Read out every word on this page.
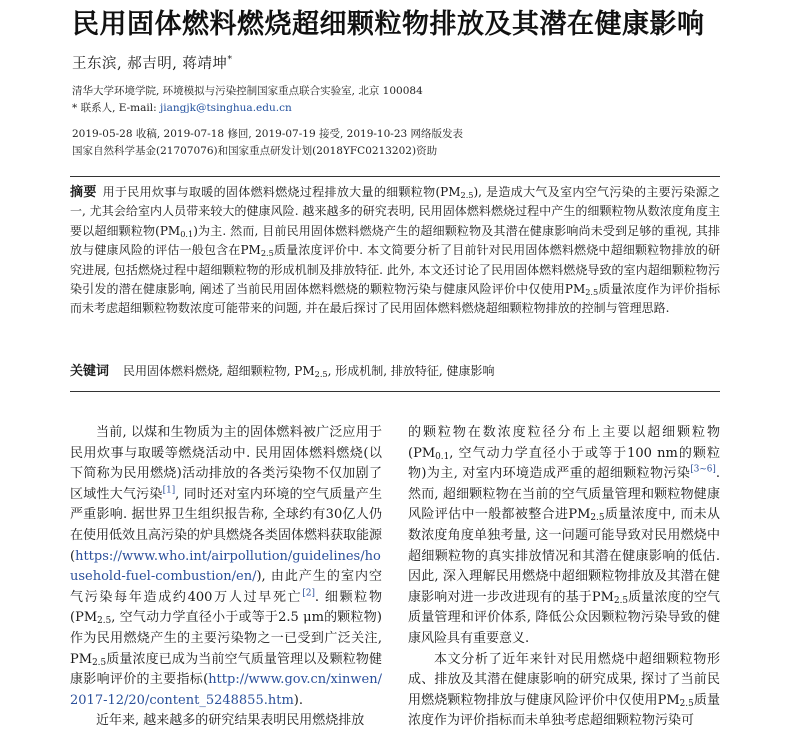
民用固体燃料燃烧超细颗粒物排放及其潜在健康影响
王东滨, 郝吉明, 蒋靖坤*
清华大学环境学院, 环境模拟与污染控制国家重点联合实验室, 北京 100084
* 联系人, E-mail: jiangjk@tsinghua.edu.cn
2019-05-28 收稿, 2019-07-18 修回, 2019-07-19 接受, 2019-10-23 网络版发表
国家自然科学基金(21707076)和国家重点研发计划(2018YFC0213202)资助
摘要 用于民用炊事与取暖的固体燃料燃烧过程排放大量的细颗粒物$(PM_{2.5})$, 是造成大气及室内空气污染的主要污染源之一, 尤其会给室内人员带来较大的健康风险. 越来越多的研究表明, 民用固体燃料燃烧过程中产生的细颗粒物从数浓度角度主要以超细颗粒物$(PM_{0.1})$为主. 然而, 目前民用固体燃料燃烧产生的超细颗粒物及其潜在健康影响尚未受到足够的重视, 其排放与健康风险的评估一般包含在$PM_{2.5}$质量浓度评价中. 本文简要分析了目前针对民用固体燃料燃烧中超细颗粒物排放的研究进展, 包括燃烧过程中超细颗粒物的形成机制及排放特征. 此外, 本文还讨论了民用固体燃料燃烧导致的室内超细颗粒物污染引发的潜在健康影响, 阐述了当前民用固体燃料燃烧的颗粒物污染与健康风险评价中仅使用$PM_{2.5}$质量浓度作为评价指标而未考虑超细颗粒物数浓度可能带来的问题, 并在最后探讨了民用固体燃料燃烧超细颗粒物排放的控制与管理思路.
关键词 民用固体燃料燃烧, 超细颗粒物, $PM_{2.5}$, 形成机制, 排放特征, 健康影响

当前, 以煤和生物质为主的固体燃料被广泛应用于民用炊事与取暖等燃烧活动中. 民用固体燃料燃烧(以下简称为民用燃烧)活动排放的各类污染物不仅加剧了区域性大气污染[1], 同时还对室内环境的空气质量产生严重影响. 据世界卫生组织报告称, 全球约有30亿人仍在使用低效且高污染的炉具燃烧各类固体燃料获取能源(https://www.who.int/airpollution/guidelines/household-fuel-combustion/en/), 由此产生的室内空气污染每年造成约400万人过早死亡[2]. 细颗粒物($PM_{2.5}$, 空气动力学直径小于或等于2.5 μm的颗粒物)作为民用燃烧产生的主要污染物之一已受到广泛关注, $PM_{2.5}$质量浓度已成为当前空气质量管理以及颗粒物健康影响评价的主要指标(http://www.gov.cn/xinwen/2017-12/20/content_5248855.htm).

近年来, 越来越多的研究结果表明民用燃烧排放

的颗粒物在数浓度粒径分布上主要以超细颗粒物($PM_{0.1}$, 空气动力学直径小于或等于100 nm的颗粒物)为主, 对室内环境造成严重的超细颗粒物污染[3~6]. 然而, 超细颗粒物在当前的空气质量管理和颗粒物健康风险评估中一般都被整合进$PM_{2.5}$质量浓度中, 而未从数浓度角度单独考量, 这一问题可能导致对民用燃烧中超细颗粒物的真实排放情况和其潜在健康影响的低估. 因此, 深入理解民用燃烧中超细颗粒物排放及其潜在健康影响对进一步改进现有的基于$PM_{2.5}$质量浓度的空气质量管理和评价体系, 降低公众因颗粒物污染导致的健康风险具有重要意义.

本文分析了近年来针对民用燃烧中超细颗粒物形成、排放及其潜在健康影响的研究成果, 探讨了当前民用燃烧颗粒物排放与健康风险评价中仅使用$PM_{2.5}$质量浓度作为评价指标而未单独考虑超细颗粒物污染可
